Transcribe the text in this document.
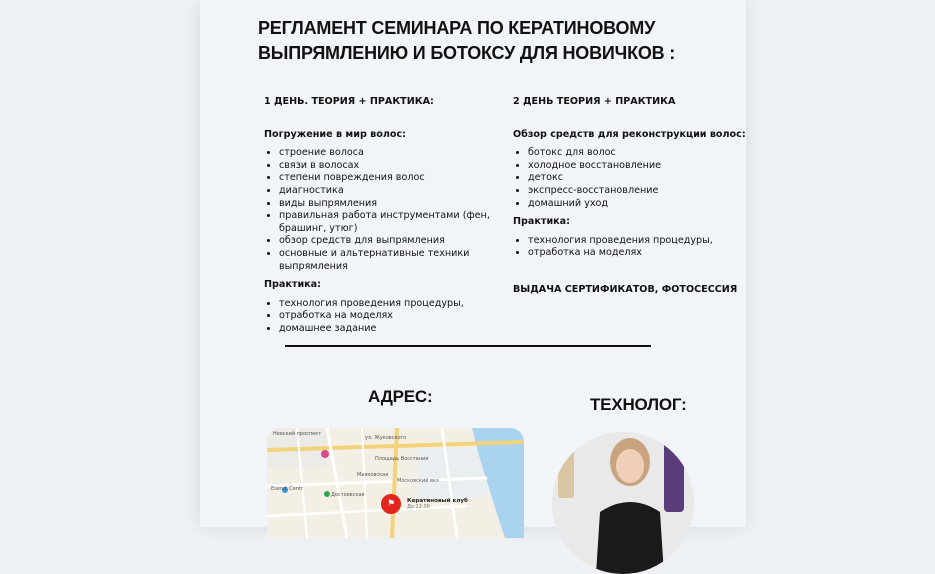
РЕГЛАМЕНТ СЕМИНАРА ПО КЕРАТИНОВОМУ ВЫПРЯМЛЕНИЮ И БОТОКСУ ДЛЯ НОВИЧКОВ :
1 ДЕНЬ. ТЕОРИЯ + ПРАКТИКА:

Погружение в мир волос:

• строение волоса
• связи в волосах
• степени повреждения волос
• диагностика
• виды выпрямления
• правильная работа инструментами (фен, брашинг, утюг)
• обзор средств для выпрямления
• основные и альтернативные техники выпрямления

Практика:

• технология проведения процедуры,
• отработка на моделях
• домашнее задание
2 ДЕНЬ ТЕОРИЯ + ПРАКТИКА

Обзор средств для реконструкции волос:

• ботокс для волос
• холодное восстановление
• детокс
• экспресс-восстановление
• домашний уход

Практика:

• технология проведения процедуры,
• отработка на моделях

ВЫДАЧА СЕРТИФИКАТОВ, ФОТОСЕССИЯ

АДРЕС:	ТЕХНОЛОГ:
Невский проспект
ул. Жуковского
Площадь Восстания
Маяковская
Московский вкз
Достоевская
Esendi Centr
⚑	Кератиновый клуб
До 22:00
